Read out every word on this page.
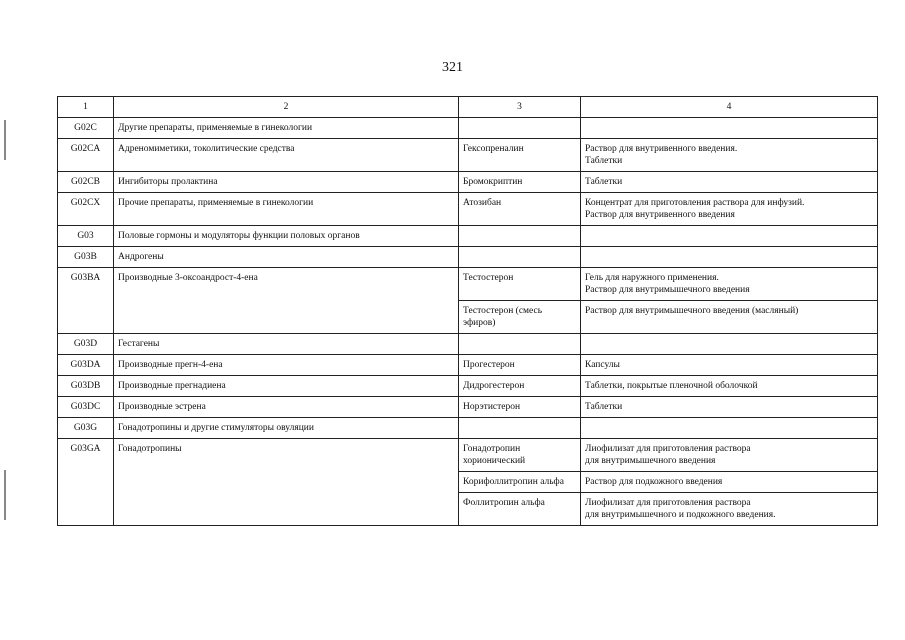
321
1	2	3	4
G02C	Другие препараты, применяемые в гинекологии		
G02CA	Адреномиметики, токолитические средства	Гексопреналин	Раствор для внутривенного введения.
Таблетки

G02CB	Ингибиторы пролактина	Бромокриптин	Таблетки

G02CX	Прочие препараты, применяемые в гинекологии	Атозибан	Концентрат для приготовления раствора для инфузий.
Раствор для внутривенного введения

G03	Половые гормоны и модуляторы функции половых органов		
G03B	Андрогены		
G03BA	Производные 3-оксоандрост-4-ена	Тестостерон	Гель для наружного применения.
Раствор для внутримышечного введения

		Тестостерон (смесь эфиров)	Раствор для внутримышечного введения (масляный)

G03D	Гестагены		
G03DA	Производные прегн-4-ена	Прогестерон	Капсулы

G03DB	Производные прегнадиена	Дидрогестерон	Таблетки, покрытые пленочной оболочкой

G03DC	Производные эстрена	Норэтистерон	Таблетки

G03G	Гонадотропины и другие стимуляторы овуляции		
G03GA	Гонадотропины	Гонадотропин хорионический	Лиофилизат для приготовления раствора
для внутримышечного введения

		Корифоллитропин альфа	Раствор для подкожного введения

		Фоллитропин альфа	Лиофилизат для приготовления раствора
для внутримышечного и подкожного введения.
